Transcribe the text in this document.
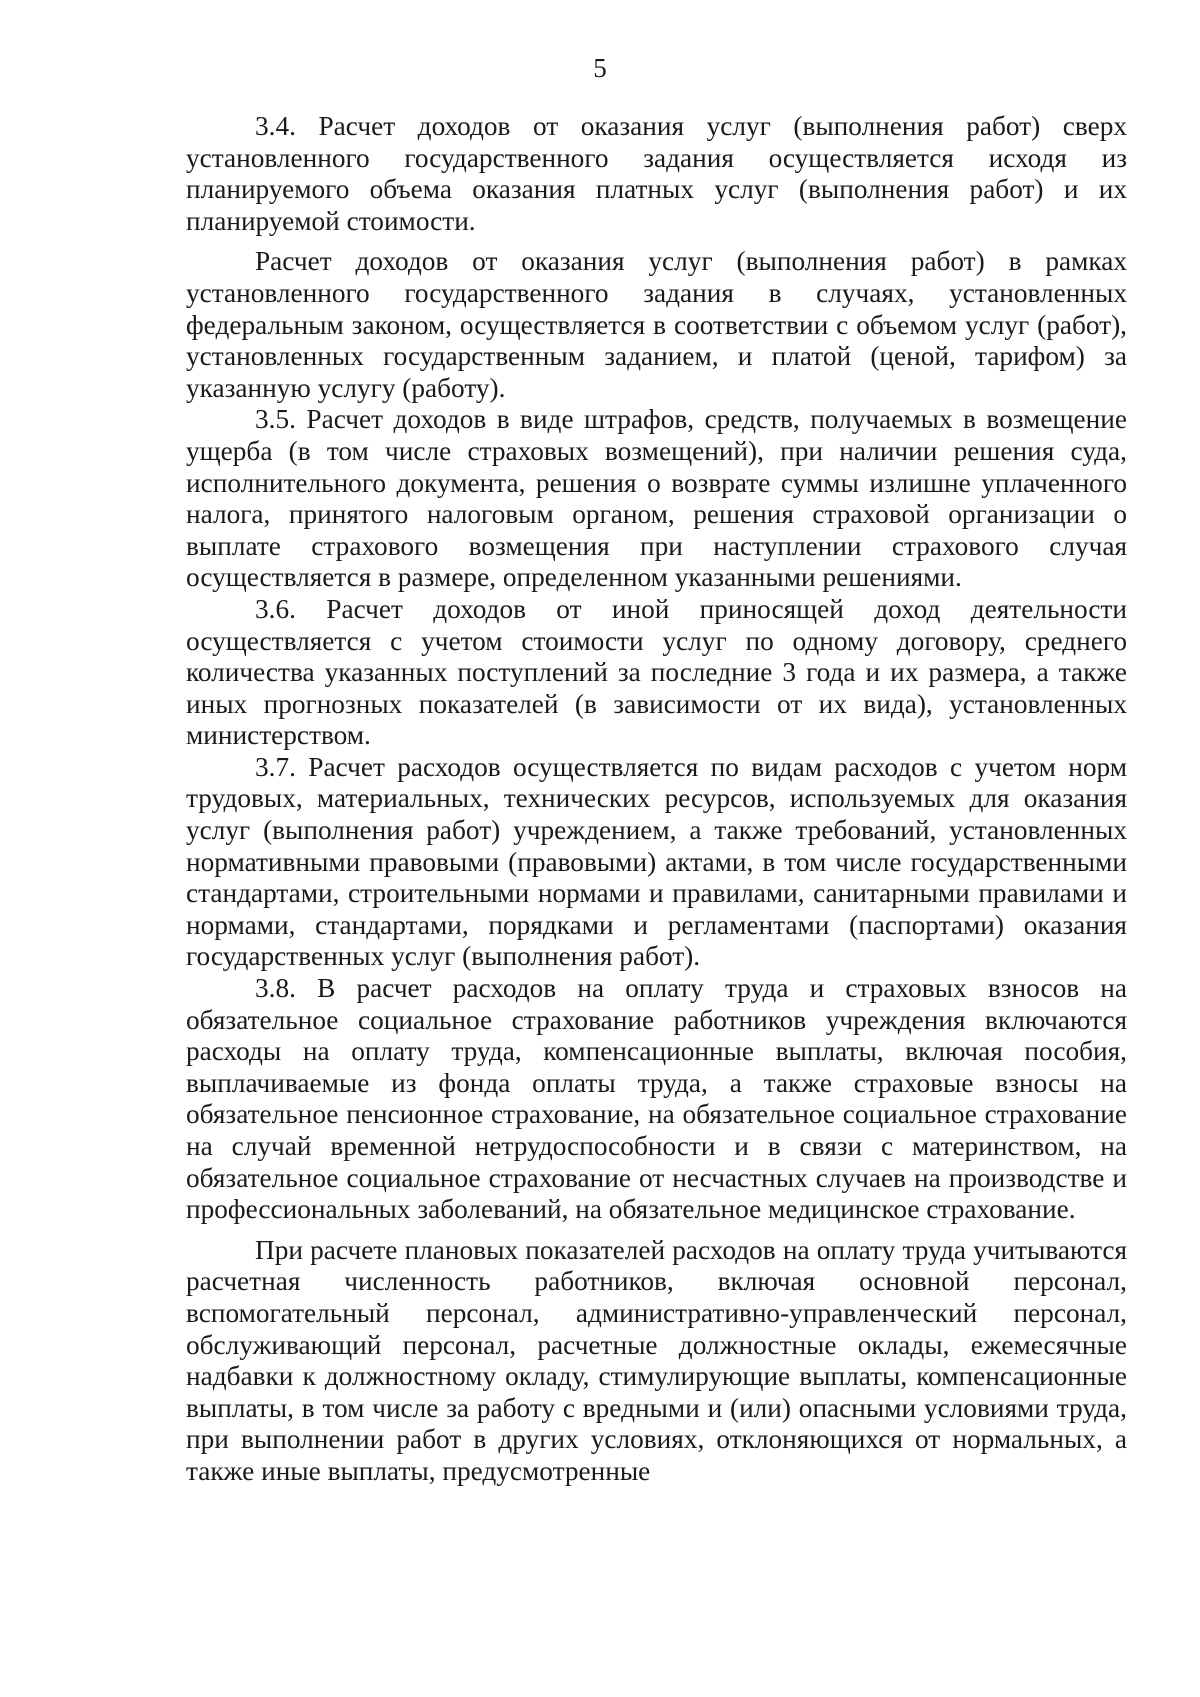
5

3.4. Расчет доходов от оказания услуг (выполнения работ) сверх установленного государственного задания осуществляется исходя из планируемого объема оказания платных услуг (выполнения работ) и их планируемой стоимости.

Расчет доходов от оказания услуг (выполнения работ) в рамках установленного государственного задания в случаях, установленных федеральным законом, осуществляется в соответствии с объемом услуг (работ), установленных государственным заданием, и платой (ценой, тарифом) за указанную услугу (работу).

3.5. Расчет доходов в виде штрафов, средств, получаемых в возмещение ущерба (в том числе страховых возмещений), при наличии решения суда, исполнительного документа, решения о возврате суммы излишне уплаченного налога, принятого налоговым органом, решения страховой организации о выплате страхового возмещения при наступлении страхового случая осуществляется в размере, определенном указанными решениями.

3.6. Расчет доходов от иной приносящей доход деятельности осуществляется с учетом стоимости услуг по одному договору, среднего количества указанных поступлений за последние 3 года и их размера, а также иных прогнозных показателей (в зависимости от их вида), установленных министерством.

3.7. Расчет расходов осуществляется по видам расходов с учетом норм трудовых, материальных, технических ресурсов, используемых для оказания услуг (выполнения работ) учреждением, а также требований, установленных нормативными правовыми (правовыми) актами, в том числе государственными стандартами, строительными нормами и правилами, санитарными правилами и нормами, стандартами, порядками и регламентами (паспортами) оказания государственных услуг (выполнения работ).

3.8. В расчет расходов на оплату труда и страховых взносов на обязательное социальное страхование работников учреждения включаются расходы на оплату труда, компенсационные выплаты, включая пособия, выплачиваемые из фонда оплаты труда, а также страховые взносы на обязательное пенсионное страхование, на обязательное социальное страхование на случай временной нетрудоспособности и в связи с материнством, на обязательное социальное страхование от несчастных случаев на производстве и профессиональных заболеваний, на обязательное медицинское страхование.

При расчете плановых показателей расходов на оплату труда учитываются расчетная численность работников, включая основной персонал, вспомогательный персонал, административно-управленческий персонал, обслуживающий персонал, расчетные должностные оклады, ежемесячные надбавки к должностному окладу, стимулирующие выплаты, компенсационные выплаты, в том числе за работу с вредными и (или) опасными условиями труда, при выполнении работ в других условиях, отклоняющихся от нормальных, а также иные выплаты, предусмотренные
